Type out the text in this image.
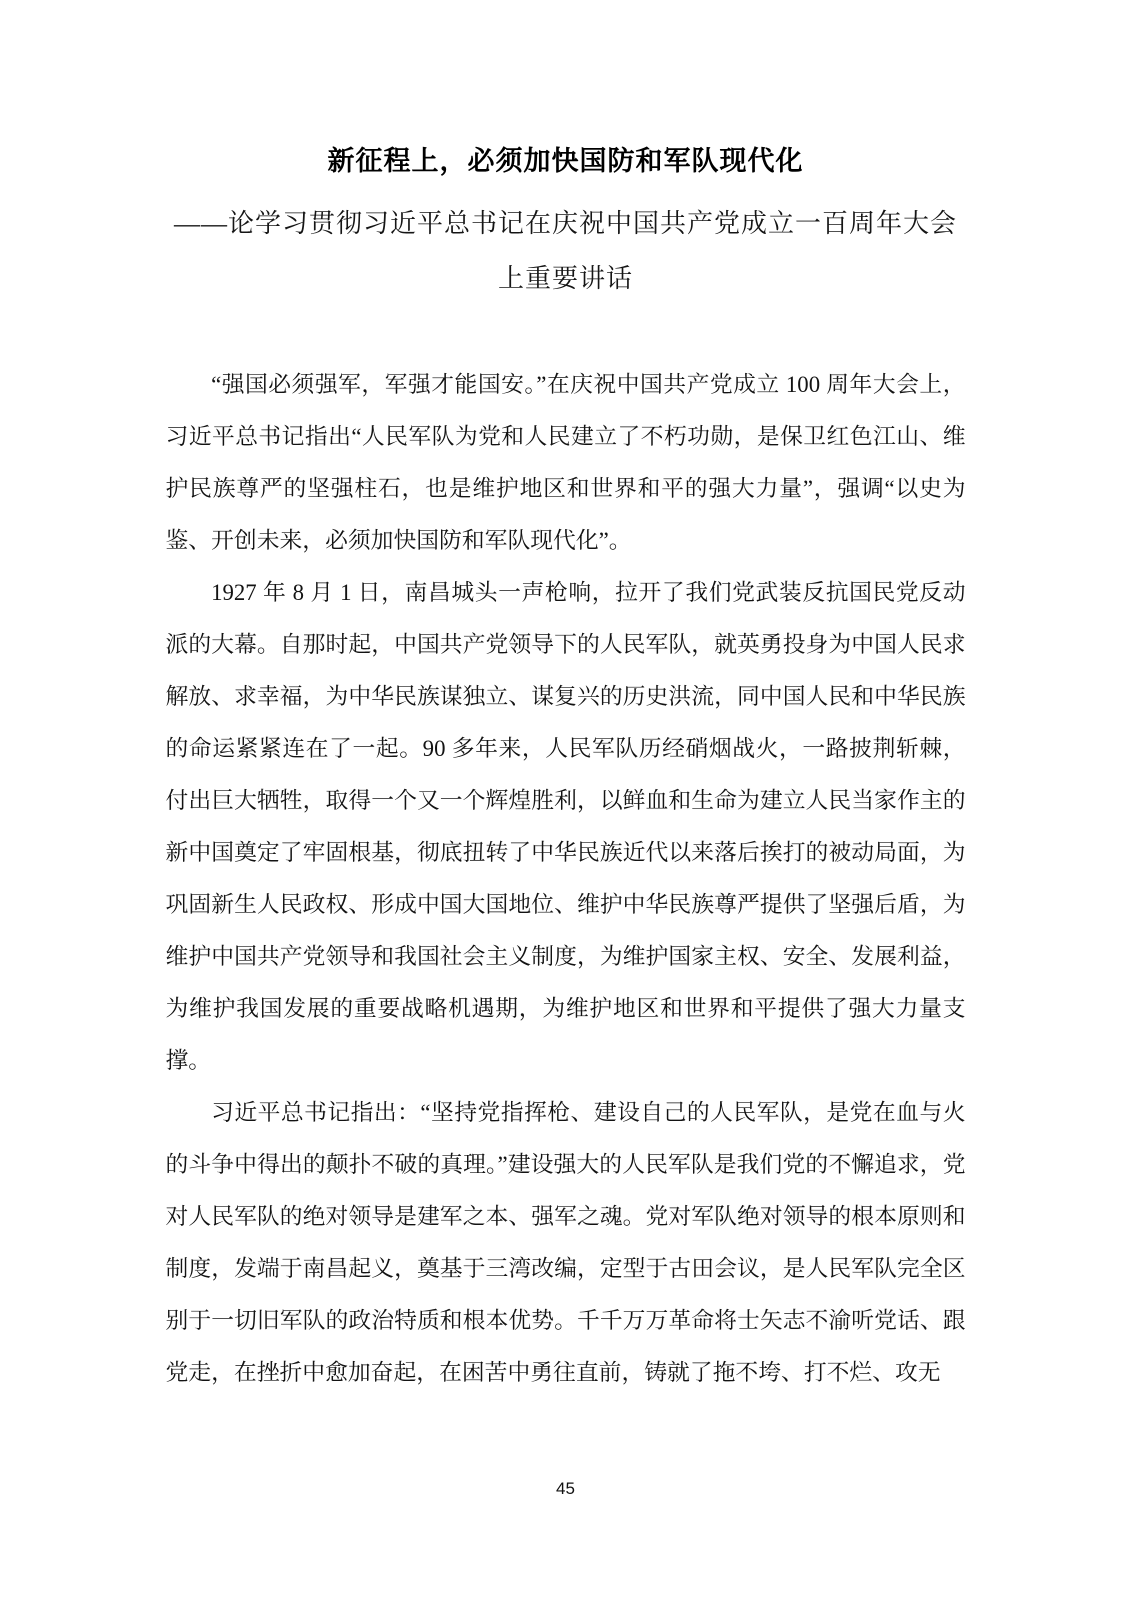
新征程上，必须加快国防和军队现代化
——论学习贯彻习近平总书记在庆祝中国共产党成立一百周年大会
上重要讲话

“强国必须强军，军强才能国安。”在庆祝中国共产党成立 100 周年大会上，习近平总书记指出“人民军队为党和人民建立了不朽功勋，是保卫红色江山、维护民族尊严的坚强柱石，也是维护地区和世界和平的强大力量”，强调“以史为鉴、开创未来，必须加快国防和军队现代化”。

1927 年 8 月 1 日，南昌城头一声枪响，拉开了我们党武装反抗国民党反动派的大幕。自那时起，中国共产党领导下的人民军队，就英勇投身为中国人民求解放、求幸福，为中华民族谋独立、谋复兴的历史洪流，同中国人民和中华民族的命运紧紧连在了一起。90 多年来，人民军队历经硝烟战火，一路披荆斩棘，付出巨大牺牲，取得一个又一个辉煌胜利，以鲜血和生命为建立人民当家作主的新中国奠定了牢固根基，彻底扭转了中华民族近代以来落后挨打的被动局面，为巩固新生人民政权、形成中国大国地位、维护中华民族尊严提供了坚强后盾，为维护中国共产党领导和我国社会主义制度，为维护国家主权、安全、发展利益，为维护我国发展的重要战略机遇期，为维护地区和世界和平提供了强大力量支撑。

习近平总书记指出：“坚持党指挥枪、建设自己的人民军队，是党在血与火的斗争中得出的颠扑不破的真理。”建设强大的人民军队是我们党的不懈追求，党对人民军队的绝对领导是建军之本、强军之魂。党对军队绝对领导的根本原则和制度，发端于南昌起义，奠基于三湾改编，定型于古田会议，是人民军队完全区别于一切旧军队的政治特质和根本优势。千千万万革命将士矢志不渝听党话、跟党走，在挫折中愈加奋起，在困苦中勇往直前，铸就了拖不垮、打不烂、攻无

45
